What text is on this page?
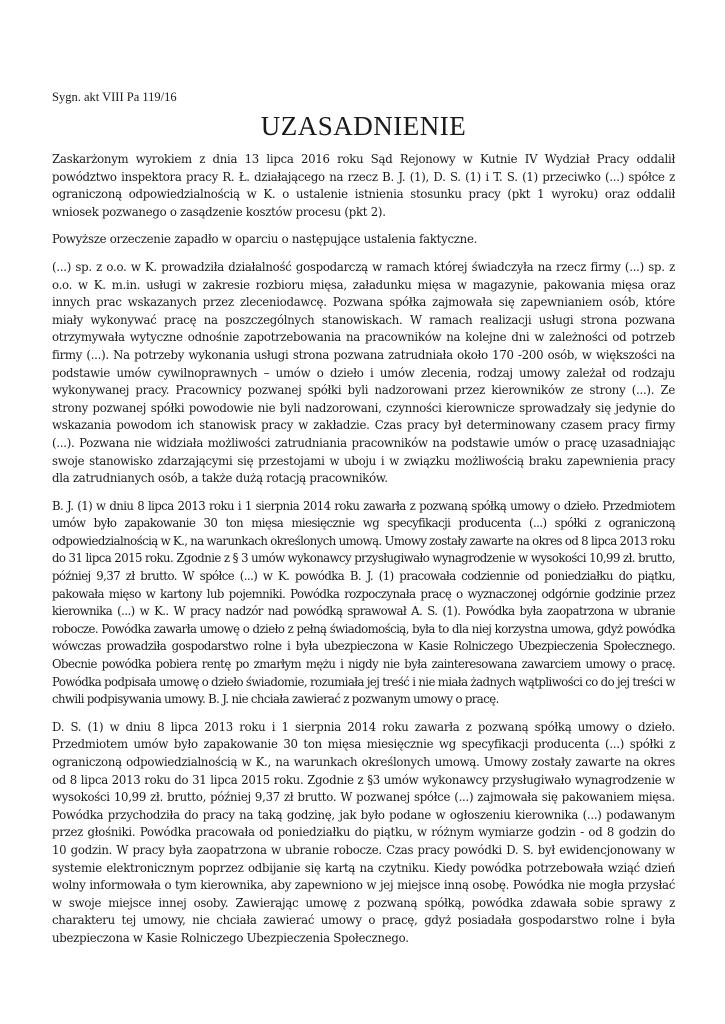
Sygn. akt VIII Pa 119/16
UZASADNIENIE

Zaskarżonym wyrokiem z dnia 13 lipca 2016 roku Sąd Rejonowy w Kutnie IV Wydział Pracy oddalił powództwo inspektora pracy R. Ł. działającego na rzecz B. J. (1), D. S. (1) i T. S. (1) przeciwko (...) spółce z ograniczoną odpowiedzialnością w K. o ustalenie istnienia stosunku pracy (pkt 1 wyroku) oraz oddalił wniosek pozwanego o zasądzenie kosztów procesu (pkt 2).

Powyższe orzeczenie zapadło w oparciu o następujące ustalenia faktyczne.

(...) sp. z o.o. w K. prowadziła działalność gospodarczą w ramach której świadczyła na rzecz firmy (...) sp. z o.o. w K. m.in. usługi w zakresie rozbioru mięsa, załadunku mięsa w magazynie, pakowania mięsa oraz innych prac wskazanych przez zleceniodawcę. Pozwana spółka zajmowała się zapewnianiem osób, które miały wykonywać pracę na poszczególnych stanowiskach. W ramach realizacji usługi strona pozwana otrzymywała wytyczne odnośnie zapotrzebowania na pracowników na kolejne dni w zależności od potrzeb firmy (...). Na potrzeby wykonania usługi strona pozwana zatrudniała około 170 -200 osób, w większości na podstawie umów cywilnoprawnych – umów o dzieło i umów zlecenia, rodzaj umowy zależał od rodzaju wykonywanej pracy. Pracownicy pozwanej spółki byli nadzorowani przez kierowników ze strony (...). Ze strony pozwanej spółki powodowie nie byli nadzorowani, czynności kierownicze sprowadzały się jedynie do wskazania powodom ich stanowisk pracy w zakładzie. Czas pracy był determinowany czasem pracy firmy (...). Pozwana nie widziała możliwości zatrudniania pracowników na podstawie umów o pracę uzasadniając swoje stanowisko zdarzającymi się przestojami w uboju i w związku możliwością braku zapewnienia pracy dla zatrudnianych osób, a także dużą rotacją pracowników.

B. J. (1) w dniu 8 lipca 2013 roku i 1 sierpnia 2014 roku zawarła z pozwaną spółką umowy o dzieło. Przedmiotem umów było zapakowanie 30 ton mięsa miesięcznie wg specyfikacji producenta (...) spółki z ograniczoną odpowiedzialnością w K., na warunkach określonych umową. Umowy zostały zawarte na okres od 8 lipca 2013 roku do 31 lipca 2015 roku. Zgodnie z § 3 umów wykonawcy przysługiwało wynagrodzenie w wysokości 10,99 zł. brutto, później 9,37 zł brutto. W spółce (...) w K. powódka B. J. (1) pracowała codziennie od poniedziałku do piątku, pakowała mięso w kartony lub pojemniki. Powódka rozpoczynała pracę o wyznaczonej odgórnie godzinie przez kierownika (...) w K.. W pracy nadzór nad powódką sprawował A. S. (1). Powódka była zaopatrzona w ubranie robocze. Powódka zawarła umowę o dzieło z pełną świadomością, była to dla niej korzystna umowa, gdyż powódka wówczas prowadziła gospodarstwo rolne i była ubezpieczona w Kasie Rolniczego Ubezpieczenia Społecznego. Obecnie powódka pobiera rentę po zmarłym mężu i nigdy nie była zainteresowana zawarciem umowy o pracę. Powódka podpisała umowę o dzieło świadomie, rozumiała jej treść i nie miała żadnych wątpliwości co do jej treści w chwili podpisywania umowy. B. J. nie chciała zawierać z pozwanym umowy o pracę.

D. S. (1) w dniu 8 lipca 2013 roku i 1 sierpnia 2014 roku zawarła z pozwaną spółką umowy o dzieło. Przedmiotem umów było zapakowanie 30 ton mięsa miesięcznie wg specyfikacji producenta (...) spółki z ograniczoną odpowiedzialnością w K., na warunkach określonych umową. Umowy zostały zawarte na okres od 8 lipca 2013 roku do 31 lipca 2015 roku. Zgodnie z §3 umów wykonawcy przysługiwało wynagrodzenie w wysokości 10,99 zł. brutto, później 9,37 zł brutto. W pozwanej spółce (...) zajmowała się pakowaniem mięsa. Powódka przychodziła do pracy na taką godzinę, jak było podane w ogłoszeniu kierownika (...) podawanym przez głośniki. Powódka pracowała od poniedziałku do piątku, w różnym wymiarze godzin - od 8 godzin do 10 godzin. W pracy była zaopatrzona w ubranie robocze. Czas pracy powódki D. S. był ewidencjonowany w systemie elektronicznym poprzez odbijanie się kartą na czytniku. Kiedy powódka potrzebowała wziąć dzień wolny informowała o tym kierownika, aby zapewniono w jej miejsce inną osobę. Powódka nie mogła przysłać w swoje miejsce innej osoby. Zawierając umowę z pozwaną spółką, powódka zdawała sobie sprawy z charakteru tej umowy, nie chciała zawierać umowy o pracę, gdyż posiadała gospodarstwo rolne i była ubezpieczona w Kasie Rolniczego Ubezpieczenia Społecznego.
